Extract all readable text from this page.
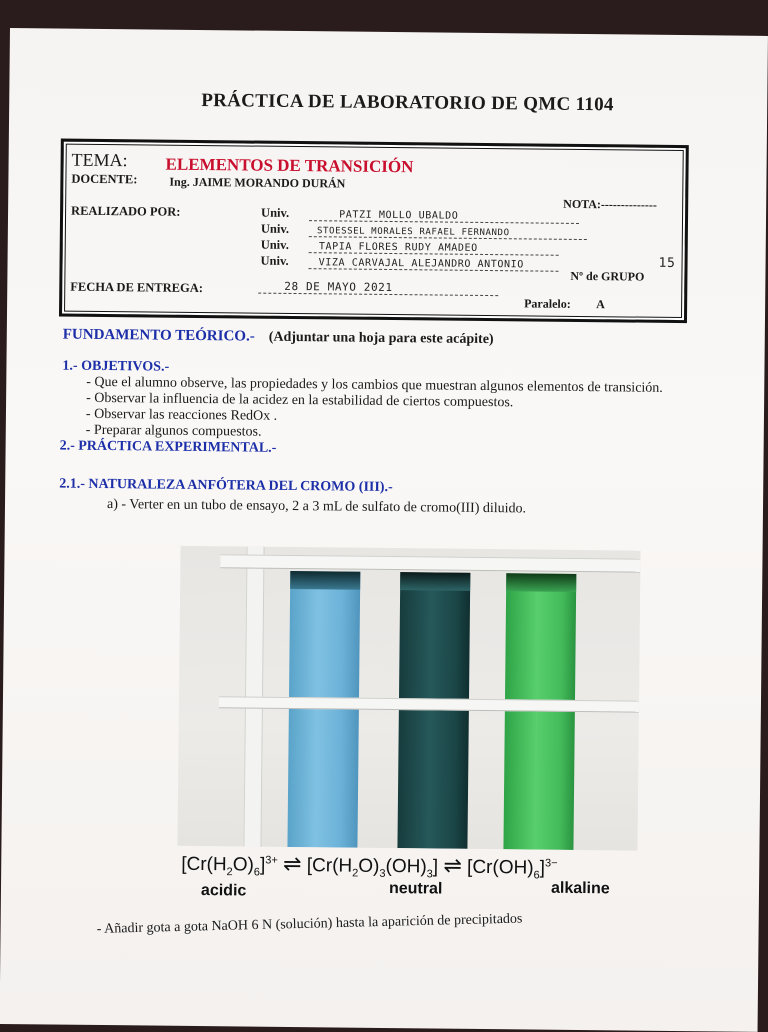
PRÁCTICA DE LABORATORIO DE QMC 1104
TEMA: ELEMENTOS DE TRANSICIÓN
DOCENTE:	Ing. JAIME MORANDO DURÁN
NOTA:--------------
REALIZADO POR:	Univ.	PATZI MOLLO UBALDO
Univ.	STOESSEL MORALES RAFAEL FERNANDO
Univ.	TAPIA FLORES RUDY AMADEO
Univ.	VIZA CARVAJAL ALEJANDRO ANTONIO
Nº de GRUPO
15
FECHA DE ENTREGA:	28 DE MAYO 2021
Paralelo: A
FUNDAMENTO TEÓRICO.- (Adjuntar una hoja para este acápite)
1.- OBJETIVOS.-
- Que el alumno observe, las propiedades y los cambios que muestran algunos elementos de transición.
- Observar la influencia de la acidez en la estabilidad de ciertos compuestos.
- Observar las reacciones RedOx .
- Preparar algunos compuestos.
2.- PRÁCTICA EXPERIMENTAL.-
2.1.- NATURALEZA ANFÓTERA DEL CROMO (III).-
a) - Verter en un tubo de ensayo, 2 a 3 mL de sulfato de cromo(III) diluido.
$[Cr(H_2O)_6]^{3+}$ ⇌ $[Cr(H_2O)_3(OH)_3]$ ⇌ $[Cr(OH)_6]^{3-}$
acidic	neutral	alkaline
- Añadir gota a gota NaOH 6 N (solución) hasta la aparición de precipitados
